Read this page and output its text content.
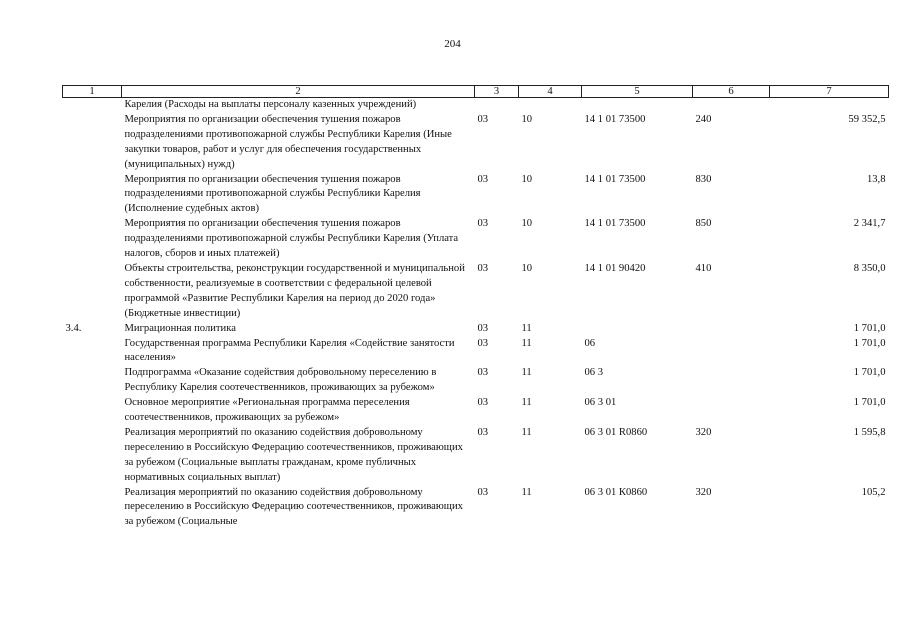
204
1	2	3	4	5	6	7
	Карелия (Расходы на выплаты персоналу казенных учреждений)					
	Мероприятия по организации обеспечения тушения пожаров подразделениями противопожарной службы Республики Карелия (Иные закупки товаров, работ и услуг для обеспечения государственных (муниципальных) нужд)	03	10	14 1 01 73500	240	59 352,5
	Мероприятия по организации обеспечения тушения пожаров подразделениями противопожарной службы Республики Карелия (Исполнение судебных актов)	03	10	14 1 01 73500	830	13,8
	Мероприятия по организации обеспечения тушения пожаров подразделениями противопожарной службы Республики Карелия (Уплата налогов, сборов и иных платежей)	03	10	14 1 01 73500	850	2 341,7
	Объекты строительства, реконструкции государственной и муниципальной собственности, реализуемые в соответствии с федеральной целевой программой «Развитие Республики Карелия на период до 2020 года» (Бюджетные инвестиции)	03	10	14 1 01 90420	410	8 350,0
3.4.	Миграционная политика	03	11			1 701,0
	Государственная программа Республики Карелия «Содействие занятости населения»	03	11	06		1 701,0
	Подпрограмма «Оказание содействия добровольному переселению в Республику Карелия соотечественников, проживающих за рубежом»	03	11	06 3		1 701,0
	Основное мероприятие «Региональная программа переселения соотечественников, проживающих за рубежом»	03	11	06 3 01		1 701,0
	Реализация мероприятий по оказанию содействия добровольному переселению в Российскую Федерацию соотечественников, проживающих за рубежом (Социальные выплаты гражданам, кроме публичных нормативных социальных выплат)	03	11	06 3 01 R0860	320	1 595,8
	Реализация мероприятий по оказанию содействия добровольному переселению в Российскую Федерацию соотечественников, проживающих за рубежом (Социальные	03	11	06 3 01 К0860	320	105,2
